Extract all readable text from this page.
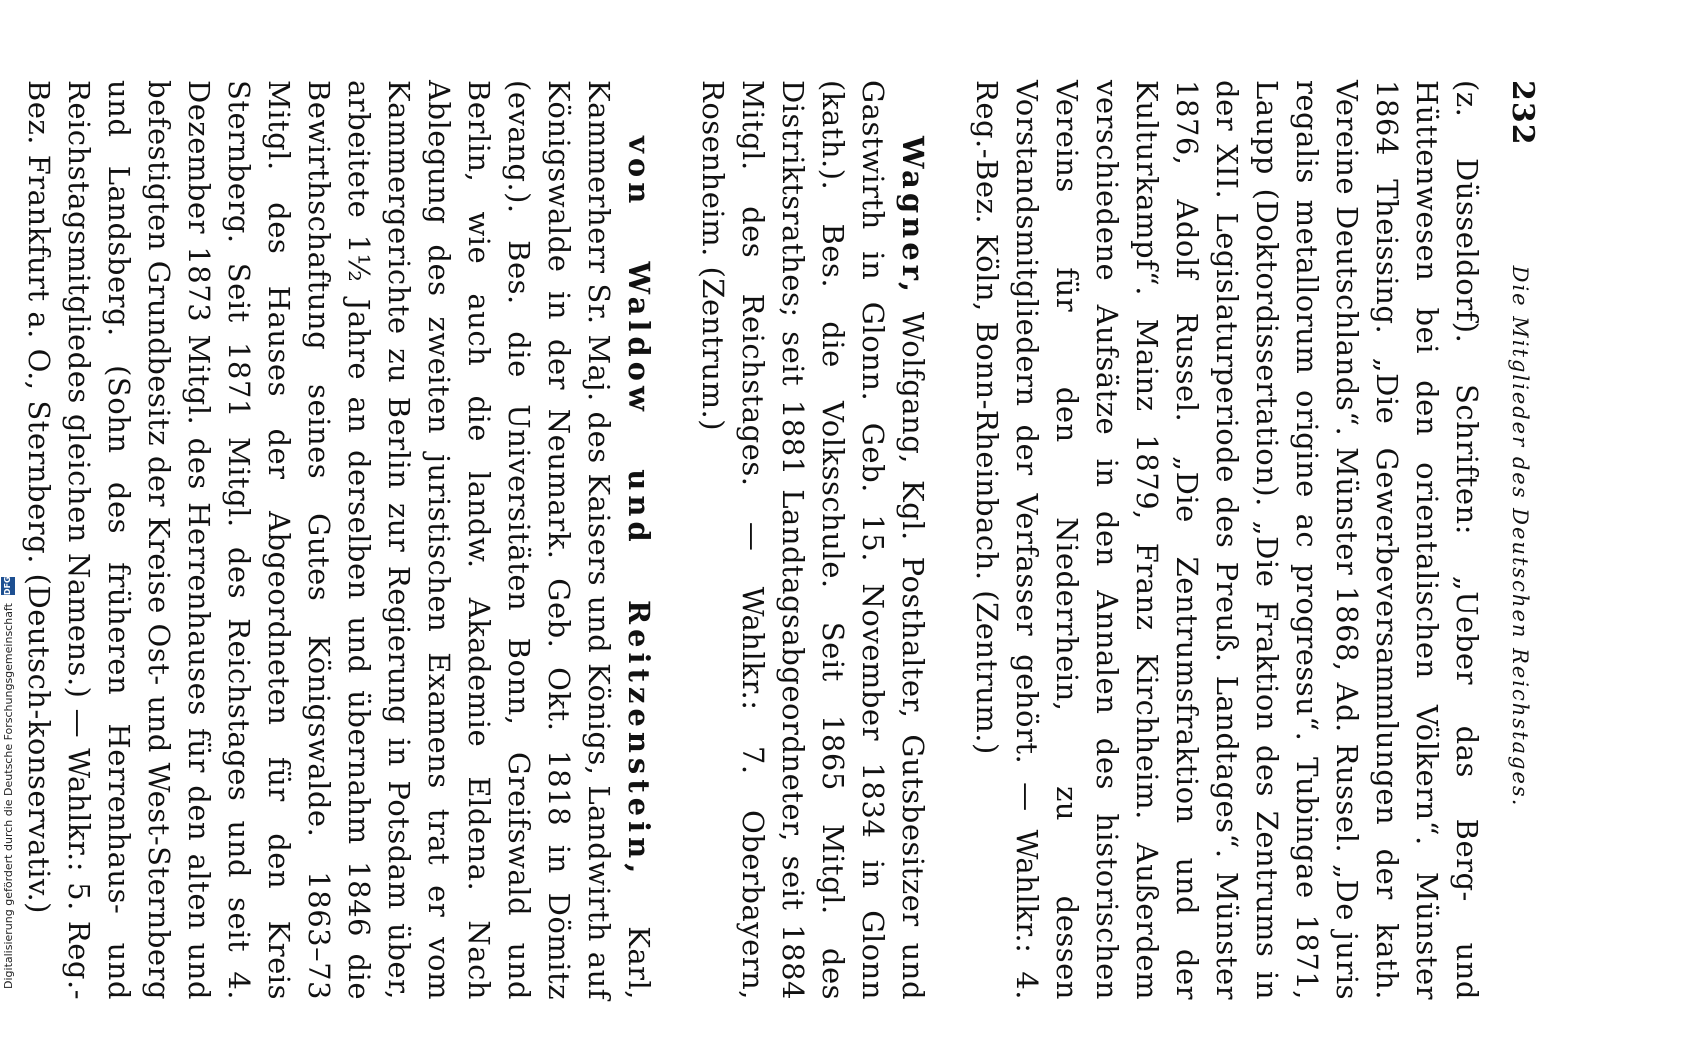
Digitalisierung gefördert durch die Deutsche Forschungsgemeinschaft
DFG
232
Die Mitglieder des Deutschen Reichstages.

(z. Düsseldorf). Schriften: „Ueber das Berg- und Hüttenwesen bei den orientalischen Völkern“. Münster 1864 Theissing. „Die Gewerbeversammlungen der kath. Vereine Deutschlands“. Münster 1868, Ad. Russel. „De juris regalis metallorum origine ac progressu“. Tubingae 1871, Laupp (Doktordissertation). „Die Fraktion des Zentrums in der XII. Legislaturperiode des Preuß. Landtages“. Münster 1876, Adolf Russel. „Die Zentrumsfraktion und der Kulturkampf“. Mainz 1879, Franz Kirchheim. Außerdem verschiedene Aufsätze in den Annalen des historischen Vereins für den Niederrhein, zu dessen Vorstandsmitgliedern der Verfasser gehört. — Wahlkr.: 4. Reg.-Bez. Köln, Bonn-Rheinbach. (Zentrum.)

Wagner, Wolfgang, Kgl. Posthalter, Gutsbesitzer und Gastwirth in Glonn. Geb. 15. November 1834 in Glonn (kath.). Bes. die Volksschule. Seit 1865 Mitgl. des Distriktsrathes; seit 1881 Landtagsabgeordneter, seit 1884 Mitgl. des Reichstages. — Wahlkr.: 7. Oberbayern, Rosenheim. (Zentrum.)

von Waldow und Reitzenstein, Karl, Kammerherr Sr. Maj. des Kaisers und Königs, Landwirth auf Königswalde in der Neumark. Geb. Okt. 1818 in Dömitz (evang.). Bes. die Universitäten Bonn, Greifswald und Berlin, wie auch die landw. Akademie Eldena. Nach Ablegung des zweiten juristischen Examens trat er vom Kammergerichte zu Berlin zur Regierung in Potsdam über, arbeitete 1½ Jahre an derselben und übernahm 1846 die Bewirthschaftung seines Gutes Königswalde. 1863–73 Mitgl. des Hauses der Abgeordneten für den Kreis Sternberg. Seit 1871 Mitgl. des Reichstages und seit 4. Dezember 1873 Mitgl. des Herrenhauses für den alten und befestigten Grundbesitz der Kreise Ost- und West-Sternberg und Landsberg. (Sohn des früheren Herrenhaus- und Reichstagsmitgliedes gleichen Namens.) — Wahlkr.: 5. Reg.-Bez. Frankfurt a. O., Sternberg. (Deutsch-konservativ.)
